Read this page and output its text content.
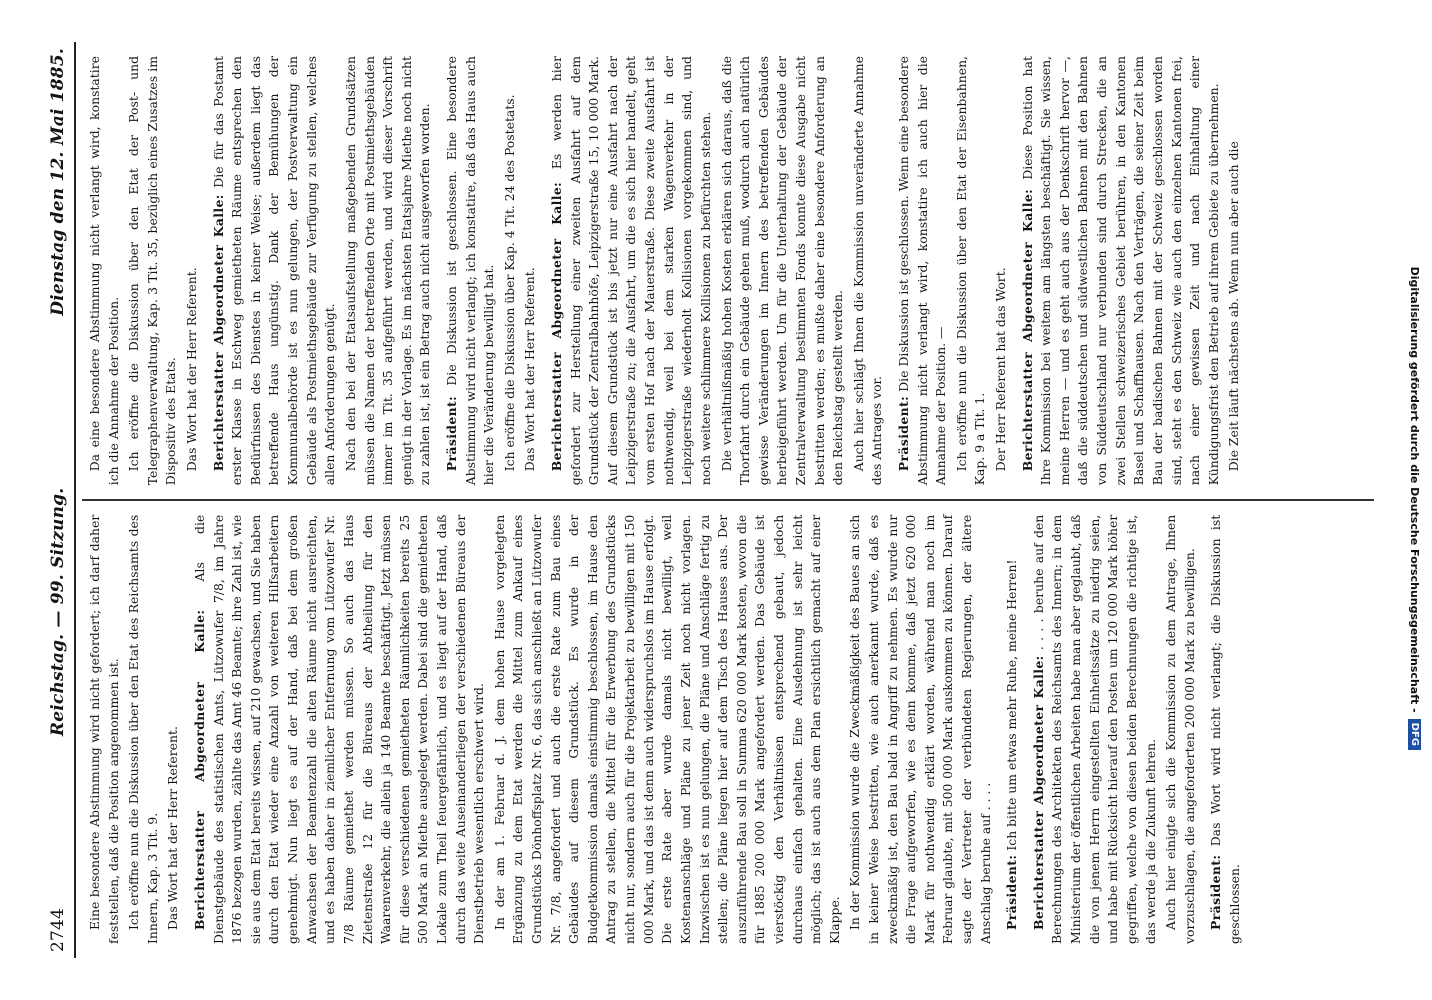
2744
Reichstag. — 99. Sitzung.
Dienstag den 12. Mai 1885.

Eine besondere Abstimmung wird nicht gefordert; ich darf daher feststellen, daß die Position angenommen ist. Ich eröffne nun die Diskussion über den Etat des Reichsamts des Innern, Kap. 3 Tit. 9. Das Wort hat der Herr Referent. Berichterstatter Abgeordneter Kalle: Als die Dienstgebäude des statistischen Amts, Lützowufer 7/8, im Jahre 1876 bezogen wurden, zählte das Amt 46 Beamte; ihre Zahl ist, wie sie aus dem Etat bereits wissen, auf 210 gewachsen, und Sie haben durch den Etat wieder eine Anzahl von weiteren Hilfsarbeitern genehmigt. Nun liegt es auf der Hand, daß bei dem großen Anwachsen der Beamtenzahl die alten Räume nicht ausreichten, und es haben daher in ziemlicher Entfernung vom Lützowufer Nr. 7/8 Räume gemiethet werden müssen. So auch das Haus Zietenstraße 12 für die Büreaus der Abtheilung für den Waarenverkehr, die allein ja 140 Beamte beschäftigt. Jetzt müssen für diese verschiedenen gemietheten Räumlichkeiten bereits 25 500 Mark an Miethe ausgelegt werden. Dabei sind die gemietheten Lokale zum Theil feuergefährlich, und es liegt auf der Hand, daß durch das weite Auseinanderliegen der verschiedenen Büreaus der Dienstbetrieb wesentlich erschwert wird. In der am 1. Februar d. J. dem hohen Hause vorgelegten Ergänzung zu dem Etat werden die Mittel zum Ankauf eines Grundstücks Dönhoffsplatz Nr. 6, das sich anschließt an Lützowufer Nr. 7/8, angefordert und auch die erste Rate zum Bau eines Gebäudes auf diesem Grundstück. Es wurde in der Budgetkommission damals einstimmig beschlossen, im Hause den Antrag zu stellen, die Mittel für die Erwerbung des Grundstücks nicht nur, sondern auch für die Projektarbeit zu bewilligen mit 150 000 Mark, und das ist denn auch widerspruchslos im Hause erfolgt. Die erste Rate aber wurde damals nicht bewilligt, weil Kostenanschläge und Pläne zu jener Zeit noch nicht vorlagen. Inzwischen ist es nun gelungen, die Pläne und Anschläge fertig zu stellen; die Pläne liegen hier auf dem Tisch des Hauses aus. Der auszuführende Bau soll in Summa 620 000 Mark kosten, wovon die für 1885 200 000 Mark angefordert werden. Das Gebäude ist vierstöckig den Verhältnissen entsprechend gebaut, jedoch durchaus einfach gehalten. Eine Ausdehnung ist sehr leicht möglich; das ist auch aus dem Plan ersichtlich gemacht auf einer Klappe. In der Kommission wurde die Zweckmäßigkeit des Baues an sich in keiner Weise bestritten, wie auch anerkannt wurde, daß es zweckmäßig ist, den Bau bald in Angriff zu nehmen. Es wurde nur die Frage aufgeworfen, wie es denn komme, daß jetzt 620 000 Mark für nothwendig erklärt worden, während man noch im Februar glaubte, mit 500 000 Mark auskommen zu können. Darauf sagte der Vertreter der verbündeten Regierungen, der ältere Anschlag beruhe auf . . . . Präsident: Ich bitte um etwas mehr Ruhe, meine Herren! Berichterstatter Abgeordneter Kalle: . . . . beruhe auf den Berechnungen des Architekten des Reichsamts des Innern; in dem Ministerium der öffentlichen Arbeiten habe man aber geglaubt, daß die von jenem Herrn eingestellten Einheitssätze zu niedrig seien, und habe mit Rücksicht hierauf den Posten um 120 000 Mark höher gegriffen, welche von diesen beiden Berechnungen die richtige ist, das werde ja die Zukunft lehren. Auch hier einigte sich die Kommission zu dem Antrage, Ihnen vorzuschlagen, die angeforderten 200 000 Mark zu bewilligen. Präsident: Das Wort wird nicht verlangt; die Diskussion ist geschlossen.

Da eine besondere Abstimmung nicht verlangt wird, konstatire ich die Annahme der Position. Ich eröffne die Diskussion über den Etat der Post- und Telegraphenverwaltung, Kap. 3 Tit. 35, bezüglich eines Zusatzes im Dispositiv des Etats. Das Wort hat der Herr Referent. Berichterstatter Abgeordneter Kalle: Die für das Postamt erster Klasse in Eschweg gemietheten Räume entsprechen den Bedürfnissen des Dienstes in keiner Weise; außerdem liegt das betreffende Haus ungünstig. Dank der Bemühungen der Kommunalbehörde ist es nun gelungen, der Postverwaltung ein Gebäude als Postmiethsgebäude zur Verfügung zu stellen, welches allen Anforderungen genügt. Nach den bei der Etatsaufstellung maßgebenden Grundsätzen müssen die Namen der betreffenden Orte mit Postmiethsgebäuden immer im Tit. 35 aufgeführt werden, und wird dieser Vorschrift genügt in der Vorlage. Es im nächsten Etatsjahre Miethe noch nicht zu zahlen ist, ist ein Betrag auch nicht ausgeworfen worden. Präsident: Die Diskussion ist geschlossen. Eine besondere Abstimmung wird nicht verlangt; ich konstatire, daß das Haus auch hier die Veränderung bewilligt hat. Ich eröffne die Diskussion über Kap. 4 Tit. 24 des Postetats. Das Wort hat der Herr Referent. Berichterstatter Abgeordneter Kalle: Es werden hier gefordert zur Herstellung einer zweiten Ausfahrt auf dem Grundstück der Zentralbahnhöfe, Leipzigerstraße 15, 10 000 Mark. Auf diesem Grundstück ist bis jetzt nur eine Ausfahrt nach der Leipzigerstraße zu; die Ausfahrt, um die es sich hier handelt, geht vom ersten Hof nach der Mauerstraße. Diese zweite Ausfahrt ist nothwendig, weil bei dem starken Wagenverkehr in der Leipzigerstraße wiederholt Kollisionen vorgekommen sind, und noch weitere schlimmere Kollisionen zu befürchten stehen. Die verhältnißmäßig hohen Kosten erklären sich daraus, daß die Thorfahrt durch ein Gebäude gehen muß, wodurch auch natürlich gewisse Veränderungen im Innern des betreffenden Gebäudes herbeigeführt werden. Um für die Unterhaltung der Gebäude der Zentralverwaltung bestimmten Fonds konnte diese Ausgabe nicht bestritten werden; es mußte daher eine besondere Anforderung an den Reichstag gestellt werden. Auch hier schlägt Ihnen die Kommission unveränderte Annahme des Antrages vor. Präsident: Die Diskussion ist geschlossen. Wenn eine besondere Abstimmung nicht verlangt wird, konstatire ich auch hier die Annahme der Position. — Ich eröffne nun die Diskussion über den Etat der Eisenbahnen, Kap. 9 a Tit. 1. Der Herr Referent hat das Wort. Berichterstatter Abgeordneter Kalle: Diese Position hat Ihre Kommission bei weitem am längsten beschäftigt. Sie wissen, meine Herren — und es geht auch aus der Denkschrift hervor —, daß die süddeutschen und südwestlichen Bahnen mit den Bahnen von Süddeutschland nur verbunden sind durch Strecken, die an zwei Stellen schweizerisches Gebiet berühren, in den Kantonen Basel und Schaffhausen. Nach den Verträgen, die seiner Zeit beim Bau der badischen Bahnen mit der Schweiz geschlossen worden sind, steht es den Schweiz wie auch den einzelnen Kantonen frei, nach einer gewissen Zeit und nach Einhaltung einer Kündigungsfrist den Betrieb auf ihrem Gebiete zu übernehmen. Die Zeit läuft nächstens ab. Wenn nun aber auch die	Digitalisierung gefördert durch die Deutsche Forschungsgemeinschaft -
DFG
